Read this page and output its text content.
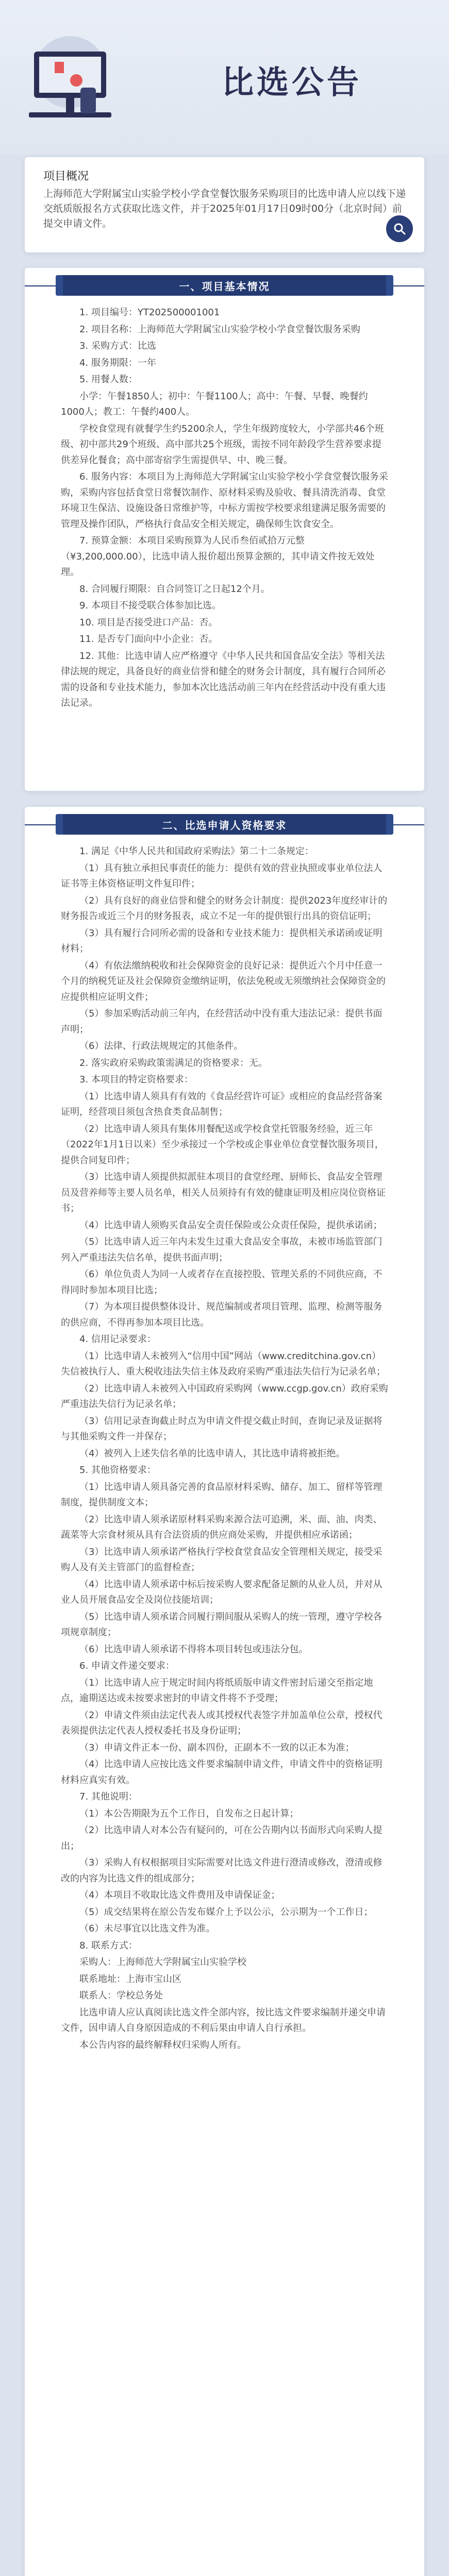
比选公告
项目概况
上海师范大学附属宝山实验学校小学食堂餐饮服务采购项目的比选申请人应以线下递交纸质版报名方式获取比选文件，并于2025年01月17日09时00分（北京时间）前提交申请文件。
一、项目基本情况

1. 项目编号：YT202500001001

2. 项目名称：上海师范大学附属宝山实验学校小学食堂餐饮服务采购

3. 采购方式：比选

4. 服务期限：一年

5. 用餐人数：

小学：午餐1850人；初中：午餐1100人；高中：午餐、早餐、晚餐约1000人；教工：午餐约400人。

学校食堂现有就餐学生约5200余人，学生年级跨度较大，小学部共46个班级、初中部共29个班级、高中部共25个班级，需按不同年龄段学生营养要求提供差异化餐食；高中部寄宿学生需提供早、中、晚三餐。

6. 服务内容：本项目为上海师范大学附属宝山实验学校小学食堂餐饮服务采购，采购内容包括食堂日常餐饮制作、原材料采购及验收、餐具清洗消毒、食堂环境卫生保洁、设施设备日常维护等，中标方需按学校要求组建满足服务需要的管理及操作团队，严格执行食品安全相关规定，确保师生饮食安全。

7. 预算金额：本项目采购预算为人民币叁佰贰拾万元整（¥3,200,000.00），比选申请人报价超出预算金额的，其申请文件按无效处理。

8. 合同履行期限：自合同签订之日起12个月。

9. 本项目不接受联合体参加比选。

10. 项目是否接受进口产品：否。

11. 是否专门面向中小企业：否。

12. 其他：比选申请人应严格遵守《中华人民共和国食品安全法》等相关法律法规的规定，具备良好的商业信誉和健全的财务会计制度，具有履行合同所必需的设备和专业技术能力，参加本次比选活动前三年内在经营活动中没有重大违法记录。

二、比选申请人资格要求

1. 满足《中华人民共和国政府采购法》第二十二条规定：

（1）具有独立承担民事责任的能力：提供有效的营业执照或事业单位法人证书等主体资格证明文件复印件；

（2）具有良好的商业信誉和健全的财务会计制度：提供2023年度经审计的财务报告或近三个月的财务报表，成立不足一年的提供银行出具的资信证明；

（3）具有履行合同所必需的设备和专业技术能力：提供相关承诺函或证明材料；

（4）有依法缴纳税收和社会保障资金的良好记录：提供近六个月中任意一个月的纳税凭证及社会保障资金缴纳证明，依法免税或无须缴纳社会保障资金的应提供相应证明文件；

（5）参加采购活动前三年内，在经营活动中没有重大违法记录：提供书面声明；

（6）法律、行政法规规定的其他条件。

2. 落实政府采购政策需满足的资格要求：无。

3. 本项目的特定资格要求：

（1）比选申请人须具有有效的《食品经营许可证》或相应的食品经营备案证明，经营项目须包含热食类食品制售；

（2）比选申请人须具有集体用餐配送或学校食堂托管服务经验，近三年（2022年1月1日以来）至少承接过一个学校或企事业单位食堂餐饮服务项目，提供合同复印件；

（3）比选申请人须提供拟派驻本项目的食堂经理、厨师长、食品安全管理员及营养师等主要人员名单，相关人员须持有有效的健康证明及相应岗位资格证书；

（4）比选申请人须购买食品安全责任保险或公众责任保险，提供承诺函；

（5）比选申请人近三年内未发生过重大食品安全事故，未被市场监管部门列入严重违法失信名单，提供书面声明；

（6）单位负责人为同一人或者存在直接控股、管理关系的不同供应商，不得同时参加本项目比选；

（7）为本项目提供整体设计、规范编制或者项目管理、监理、检测等服务的供应商，不得再参加本项目比选。

4. 信用记录要求：

（1）比选申请人未被列入“信用中国”网站（www.creditchina.gov.cn）失信被执行人、重大税收违法失信主体及政府采购严重违法失信行为记录名单；

（2）比选申请人未被列入中国政府采购网（www.ccgp.gov.cn）政府采购严重违法失信行为记录名单；

（3）信用记录查询截止时点为申请文件提交截止时间，查询记录及证据将与其他采购文件一并保存；

（4）被列入上述失信名单的比选申请人，其比选申请将被拒绝。

5. 其他资格要求：

（1）比选申请人须具备完善的食品原材料采购、储存、加工、留样等管理制度，提供制度文本；

（2）比选申请人须承诺原材料采购来源合法可追溯，米、面、油、肉类、蔬菜等大宗食材须从具有合法资质的供应商处采购，并提供相应承诺函；

（3）比选申请人须承诺严格执行学校食堂食品安全管理相关规定，接受采购人及有关主管部门的监督检查；

（4）比选申请人须承诺中标后按采购人要求配备足额的从业人员，并对从业人员开展食品安全及岗位技能培训；

（5）比选申请人须承诺合同履行期间服从采购人的统一管理，遵守学校各项规章制度；

（6）比选申请人须承诺不得将本项目转包或违法分包。

6. 申请文件递交要求：

（1）比选申请人应于规定时间内将纸质版申请文件密封后递交至指定地点，逾期送达或未按要求密封的申请文件将不予受理；

（2）申请文件须由法定代表人或其授权代表签字并加盖单位公章，授权代表须提供法定代表人授权委托书及身份证明；

（3）申请文件正本一份、副本四份，正副本不一致的以正本为准；

（4）比选申请人应按比选文件要求编制申请文件，申请文件中的资格证明材料应真实有效。

7. 其他说明：

（1）本公告期限为五个工作日，自发布之日起计算；

（2）比选申请人对本公告有疑问的，可在公告期内以书面形式向采购人提出；

（3）采购人有权根据项目实际需要对比选文件进行澄清或修改，澄清或修改的内容为比选文件的组成部分；

（4）本项目不收取比选文件费用及申请保证金；

（5）成交结果将在原公告发布媒介上予以公示，公示期为一个工作日；

（6）未尽事宜以比选文件为准。

8. 联系方式：

采购人：上海师范大学附属宝山实验学校

联系地址：上海市宝山区

联系人：学校总务处

比选申请人应认真阅读比选文件全部内容，按比选文件要求编制并递交申请文件，因申请人自身原因造成的不利后果由申请人自行承担。

本公告内容的最终解释权归采购人所有。
